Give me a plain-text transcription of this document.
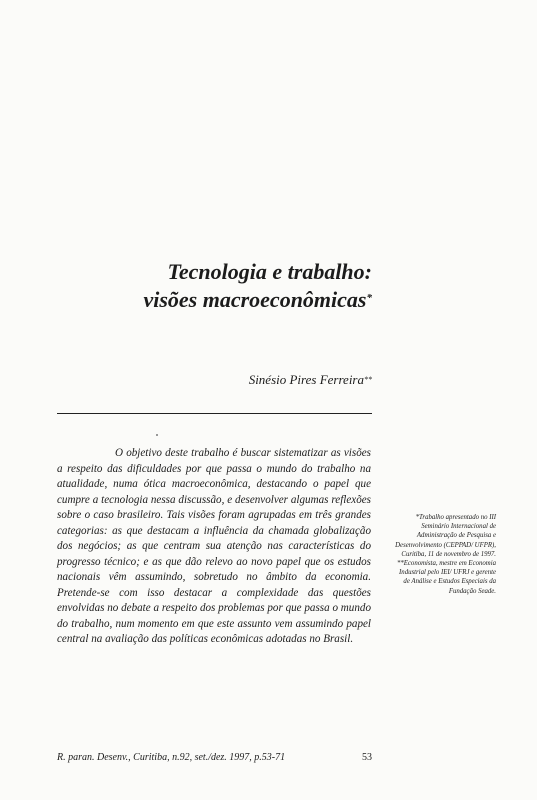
Tecnologia e trabalho:
visões macroeconômicas*

Sinésio Pires Ferreira**

O objetivo deste trabalho é buscar sistematizar as visões a respeito das dificuldades por que passa o mundo do trabalho na atualidade, numa ótica macroeconômica, destacando o papel que cumpre a tecnologia nessa discussão, e desenvolver algumas reflexões sobre o caso brasileiro. Tais visões foram agrupadas em três grandes categorias: as que destacam a influência da chamada globalização dos negócios; as que centram sua atenção nas características do progresso técnico; e as que dão relevo ao novo papel que os estudos nacionais vêm assumindo, sobretudo no âmbito da economia. Pretende-se com isso destacar a complexidade das questões envolvidas no debate a respeito dos problemas por que passa o mundo do trabalho, num momento em que este assunto vem assumindo papel central na avaliação das políticas econômicas adotadas no Brasil.

*Trabalho apresentado no III Seminário Internacional de Administração de Pesquisa e Desenvolvimento (CEPPAD/ UFPR), Curitiba, 11 de novembro de 1997.

**Economista, mestre em Economia Industrial pelo IEI/ UFRJ e gerente de Análise e Estudos Especiais da Fundação Seade.

R. paran. Desenv., Curitiba, n.92, set./dez. 1997, p.53-71	53
